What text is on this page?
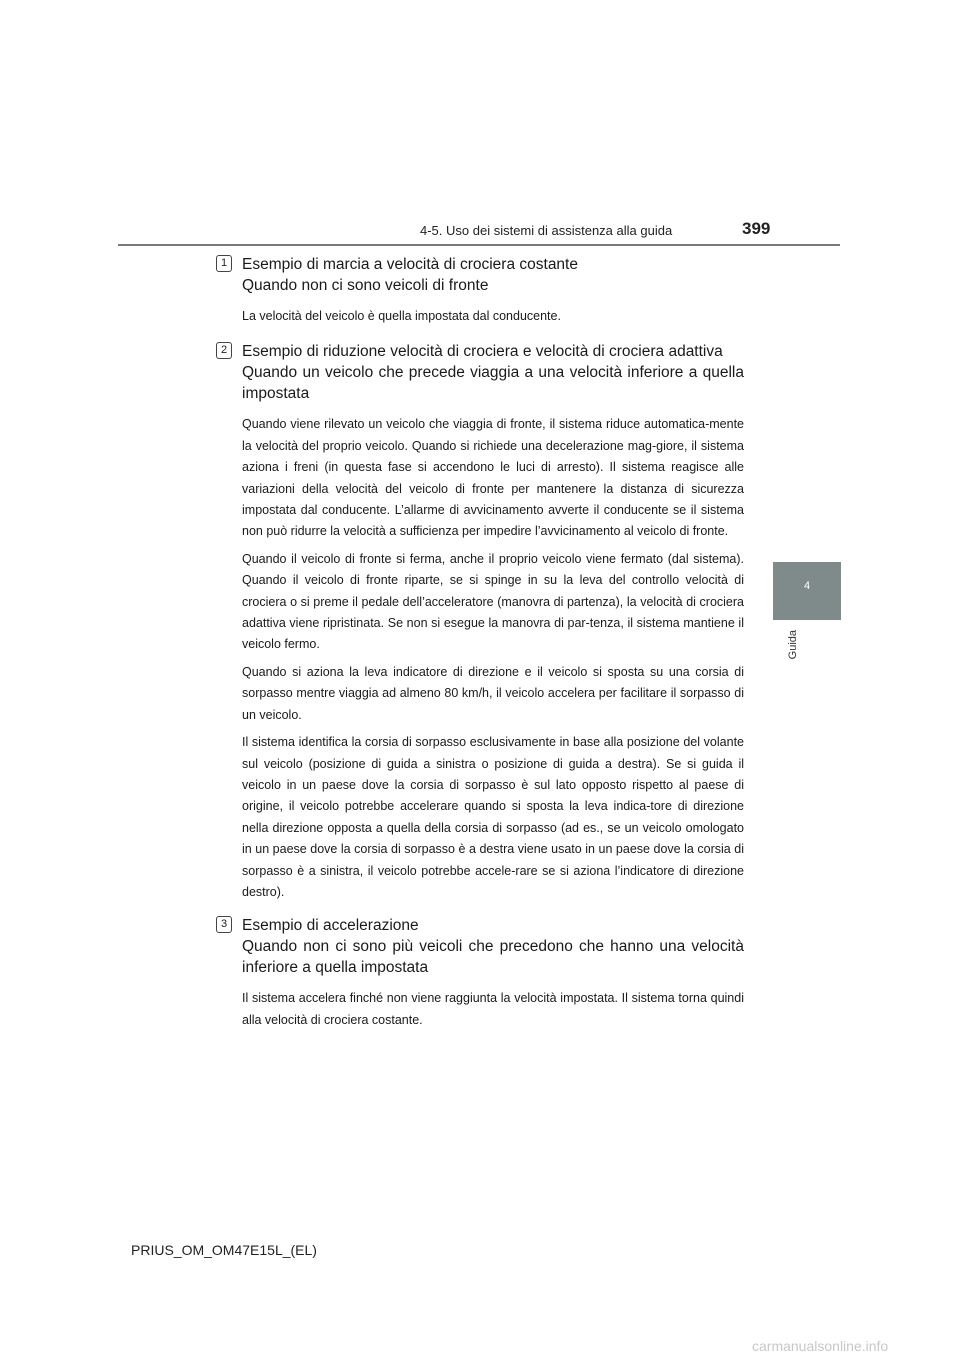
4-5. Uso dei sistemi di assistenza alla guida	399
4
Guida
1 Esempio di marcia a velocità di crociera costante
Quando non ci sono veicoli di fronte

La velocità del veicolo è quella impostata dal conducente.

2 Esempio di riduzione velocità di crociera e velocità di crociera adattiva
Quando un veicolo che precede viaggia a una velocità inferiore a quella impostata

Quando viene rilevato un veicolo che viaggia di fronte, il sistema riduce automatica-mente la velocità del proprio veicolo. Quando si richiede una decelerazione mag-giore, il sistema aziona i freni (in questa fase si accendono le luci di arresto). Il sistema reagisce alle variazioni della velocità del veicolo di fronte per mantenere la distanza di sicurezza impostata dal conducente. L’allarme di avvicinamento avverte il conducente se il sistema non può ridurre la velocità a sufficienza per impedire l’avvicinamento al veicolo di fronte.

Quando il veicolo di fronte si ferma, anche il proprio veicolo viene fermato (dal sistema). Quando il veicolo di fronte riparte, se si spinge in su la leva del controllo velocità di crociera o si preme il pedale dell’acceleratore (manovra di partenza), la velocità di crociera adattiva viene ripristinata. Se non si esegue la manovra di par-tenza, il sistema mantiene il veicolo fermo.

Quando si aziona la leva indicatore di direzione e il veicolo si sposta su una corsia di sorpasso mentre viaggia ad almeno 80 km/h, il veicolo accelera per facilitare il sorpasso di un veicolo.

Il sistema identifica la corsia di sorpasso esclusivamente in base alla posizione del volante sul veicolo (posizione di guida a sinistra o posizione di guida a destra). Se si guida il veicolo in un paese dove la corsia di sorpasso è sul lato opposto rispetto al paese di origine, il veicolo potrebbe accelerare quando si sposta la leva indica-tore di direzione nella direzione opposta a quella della corsia di sorpasso (ad es., se un veicolo omologato in un paese dove la corsia di sorpasso è a destra viene usato in un paese dove la corsia di sorpasso è a sinistra, il veicolo potrebbe accele-rare se si aziona l’indicatore di direzione destro).

3 Esempio di accelerazione
Quando non ci sono più veicoli che precedono che hanno una velocità inferiore a quella impostata

Il sistema accelera finché non viene raggiunta la velocità impostata. Il sistema torna quindi alla velocità di crociera costante.

PRIUS_OM_OM47E15L_(EL)
carmanualsonline.info
